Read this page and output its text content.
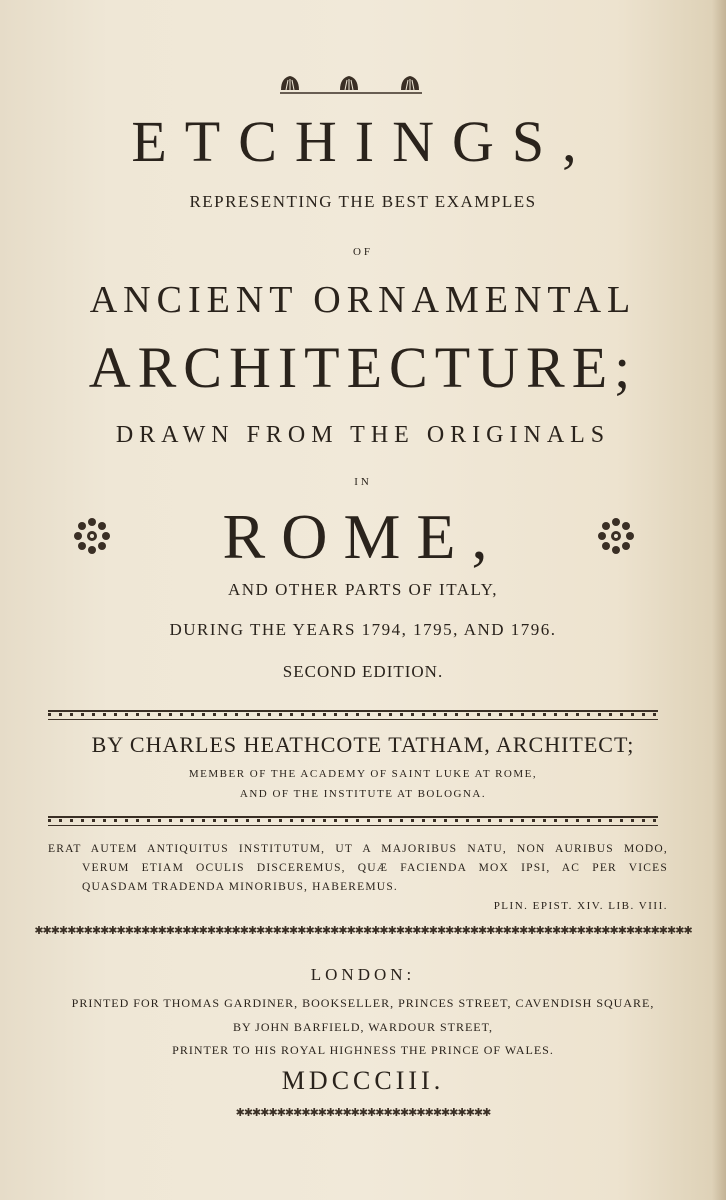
ETCHINGS,
REPRESENTING THE BEST EXAMPLES
OF
ANCIENT ORNAMENTAL
ARCHITECTURE;
DRAWN FROM THE ORIGINALS
IN
ROME,
AND OTHER PARTS OF ITALY,
DURING THE YEARS 1794, 1795, AND 1796.
SECOND EDITION.
BY CHARLES HEATHCOTE TATHAM, ARCHITECT;
MEMBER OF THE ACADEMY OF SAINT LUKE AT ROME,
AND OF THE INSTITUTE AT BOLOGNA.
ERAT AUTEM ANTIQUITUS INSTITUTUM, UT A MAJORIBUS NATU, NON AURIBUS MODO,
VERUM ETIAM OCULIS DISCEREMUS, QUÆ FACIENDA MOX IPSI, AC PER VICES
QUASDAM TRADENDA MINORIBUS, HABEREMUS.
PLIN. EPIST. XIV. LIB. VIII.
✱✱✱✱✱✱✱✱✱✱✱✱✱✱✱✱✱✱✱✱✱✱✱✱✱✱✱✱✱✱✱✱✱✱✱✱✱✱✱✱✱✱✱✱✱✱✱✱✱✱✱✱✱✱✱✱✱✱✱✱✱✱✱✱✱✱✱✱✱✱✱✱✱✱✱✱✱✱✱✱
LONDON:
PRINTED FOR THOMAS GARDINER, BOOKSELLER, PRINCES STREET, CAVENDISH SQUARE,
BY JOHN BARFIELD, WARDOUR STREET,
PRINTER TO HIS ROYAL HIGHNESS THE PRINCE OF WALES.
MDCCCIII.
✱✱✱✱✱✱✱✱✱✱✱✱✱✱✱✱✱✱✱✱✱✱✱✱✱✱✱✱✱✱✱
